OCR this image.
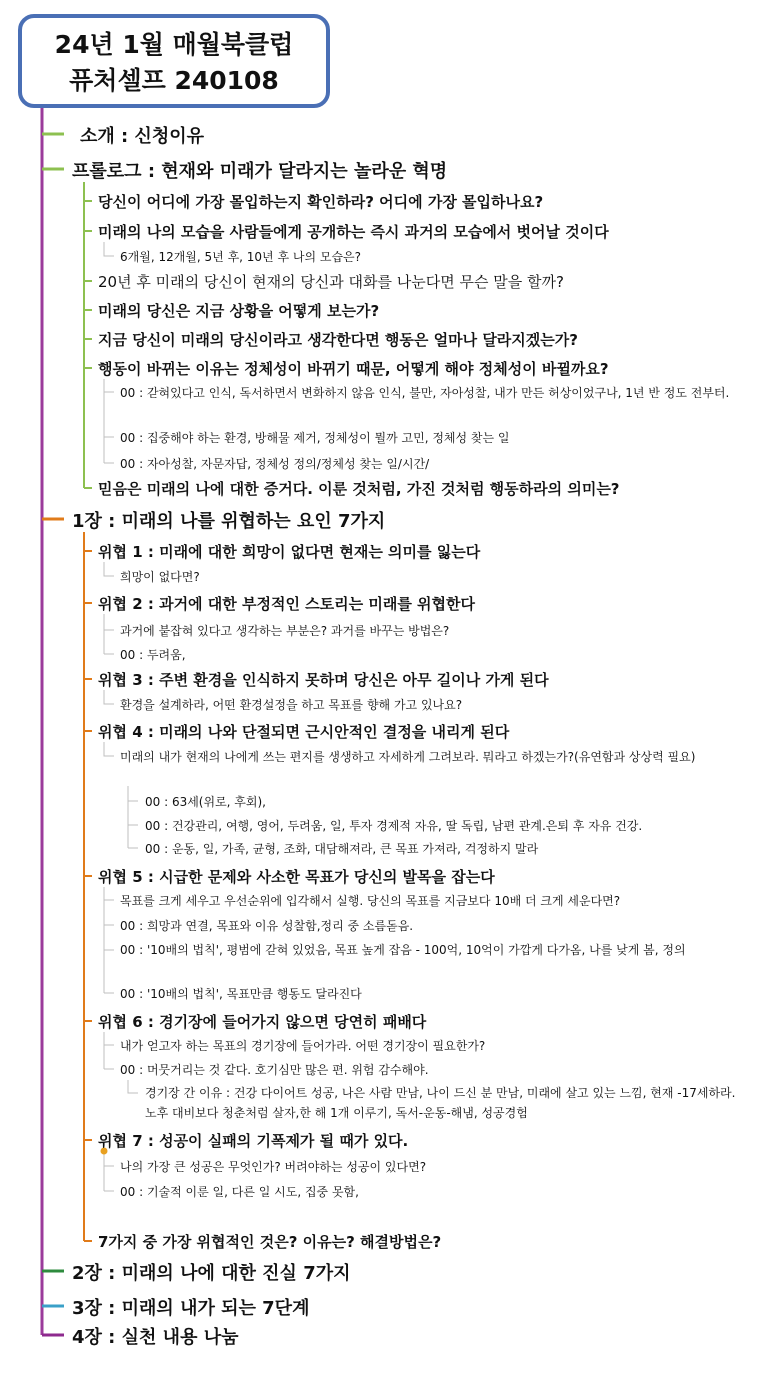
24년 1월 매월북클럽
퓨처셀프 240108
소개 : 신청이유
프롤로그 : 현재와 미래가 달라지는 놀라운 혁명
당신이 어디에 가장 몰입하는지 확인하라? 어디에 가장 몰입하나요?
미래의 나의 모습을 사람들에게 공개하는 즉시 과거의 모습에서 벗어날 것이다
6개월, 12개월, 5년 후, 10년 후 나의 모습은?
20년 후 미래의 당신이 현재의 당신과 대화를 나눈다면 무슨 말을 할까?
미래의 당신은 지금 상황을 어떻게 보는가?
지금 당신이 미래의 당신이라고 생각한다면 행동은 얼마나 달라지겠는가?
행동이 바뀌는 이유는 정체성이 바뀌기 때문, 어떻게 해야 정체성이 바뀔까요?
00 : 갇혀있다고 인식, 독서하면서 변화하지 않음 인식, 불만, 자아성찰, 내가 만든 허상이었구나, 1년 반 정도 전부터.
00 : 집중해야 하는 환경, 방해물 제거, 정체성이 뭘까 고민, 정체성 찾는 일
00 : 자아성찰, 자문자답, 정체성 정의/정체성 찾는 일/시간/
믿음은 미래의 나에 대한 증거다. 이룬 것처럼, 가진 것처럼 행동하라의 의미는?
1장 : 미래의 나를 위협하는 요인 7가지
위협 1 : 미래에 대한 희망이 없다면 현재는 의미를 잃는다
희망이 없다면?
위협 2 : 과거에 대한 부정적인 스토리는 미래를 위협한다
과거에 붙잡혀 있다고 생각하는 부분은? 과거를 바꾸는 방법은?
00 : 두려움,
위협 3 : 주변 환경을 인식하지 못하며 당신은 아무 길이나 가게 된다
환경을 설계하라, 어떤 환경설정을 하고 목표를 향해 가고 있나요?
위협 4 : 미래의 나와 단절되면 근시안적인 결정을 내리게 된다
미래의 내가 현재의 나에게 쓰는 편지를 생생하고 자세하게 그려보라. 뭐라고 하겠는가?(유연함과 상상력 필요)
00 : 63세(위로, 후회),
00 : 건강관리, 여행, 영어, 두려움, 일, 투자 경제적 자유, 딸 독립, 남편 관계.은퇴 후 자유 건강.
00 : 운동, 일, 가족, 균형, 조화, 대담해져라, 큰 목표 가져라, 걱정하지 말라
위협 5 : 시급한 문제와 사소한 목표가 당신의 발목을 잡는다
목표를 크게 세우고 우선순위에 입각해서 실행. 당신의 목표를 지금보다 10배 더 크게 세운다면?
00 : 희망과 연결, 목표와 이유 성찰함,정리 중 소름돋음.
00 : '10배의 법칙', 평범에 갇혀 있었음, 목표 높게 잡음 - 100억, 10억이 가깝게 다가옴, 나를 낮게 봄, 정의
00 : '10배의 법칙', 목표만큼 행동도 달라진다
위협 6 : 경기장에 들어가지 않으면 당연히 패배다
내가 얻고자 하는 목표의 경기장에 들어가라. 어떤 경기장이 필요한가?
00 : 머뭇거리는 것 같다. 호기심만 많은 편. 위험 감수해야.
경기장 간 이유 : 건강 다이어트 성공, 나은 사람 만남, 나이 드신 분 만남, 미래에 살고 있는 느낌, 현재 -17세하라.노후 대비보다 청춘처럼 살자,한 해 1개 이루기, 독서-운동-해냄, 성공경험
위협 7 : 성공이 실패의 기폭제가 될 때가 있다.
나의 가장 큰 성공은 무엇인가? 버려야하는 성공이 있다면?
00 : 기술적 이룬 일, 다른 일 시도, 집중 못함,
7가지 중 가장 위협적인 것은? 이유는? 해결방법은?
2장 : 미래의 나에 대한 진실 7가지
3장 : 미래의 내가 되는 7단계
4장 : 실천 내용 나눔
